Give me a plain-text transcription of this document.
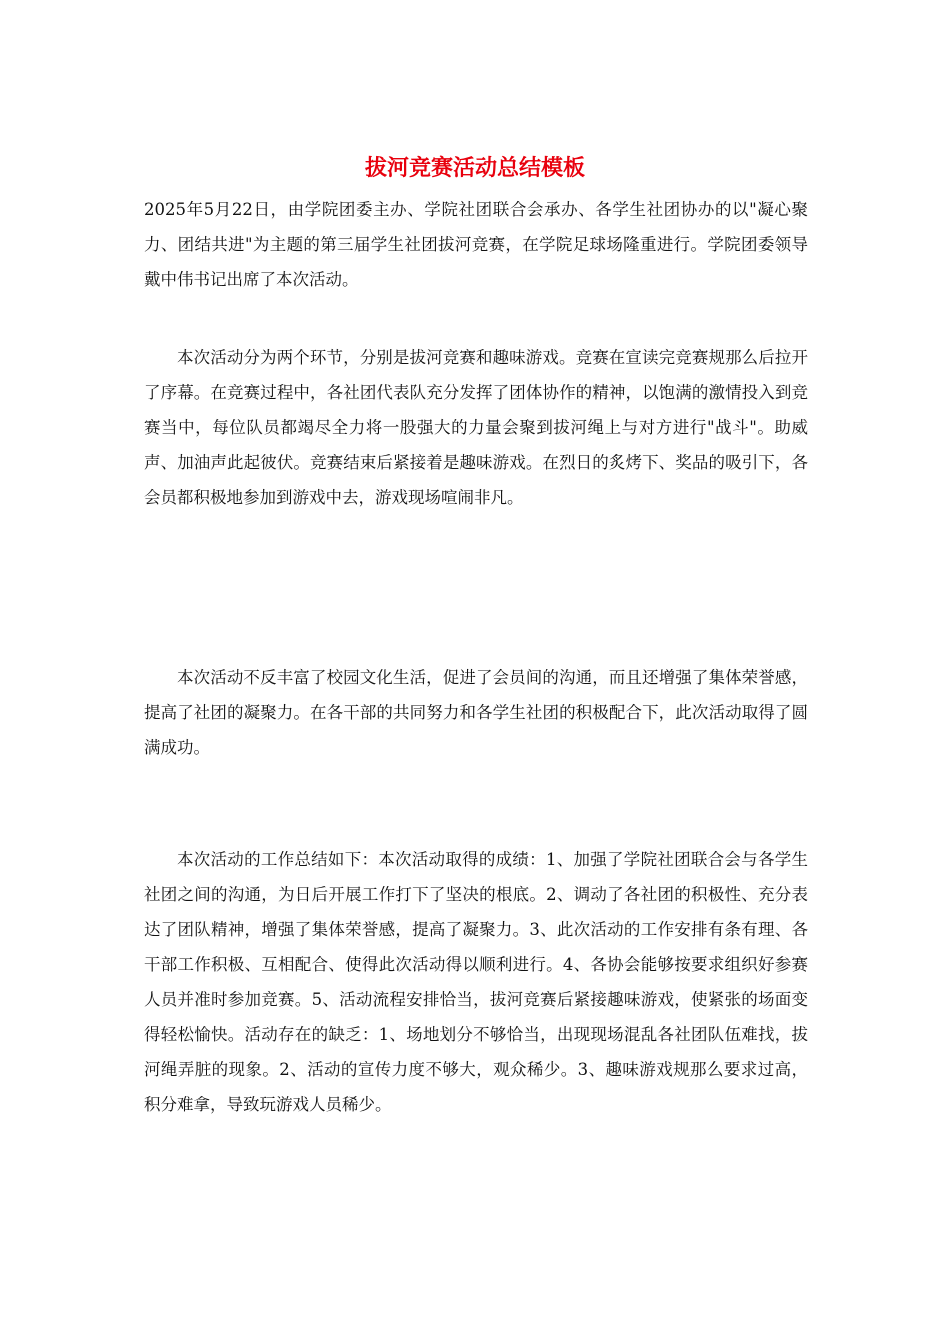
拔河竞赛活动总结模板

2025年5月22日，由学院团委主办、学院社团联合会承办、各学生社团协办的以"凝心聚力、团结共进"为主题的第三届学生社团拔河竞赛，在学院足球场隆重进行。学院团委领导戴中伟书记出席了本次活动。

本次活动分为两个环节，分别是拔河竞赛和趣味游戏。竞赛在宣读完竞赛规那么后拉开了序幕。在竞赛过程中，各社团代表队充分发挥了团体协作的精神，以饱满的激情投入到竞赛当中，每位队员都竭尽全力将一股强大的力量会聚到拔河绳上与对方进行"战斗"。助威声、加油声此起彼伏。竞赛结束后紧接着是趣味游戏。在烈日的炙烤下、奖品的吸引下，各会员都积极地参加到游戏中去，游戏现场喧闹非凡。

本次活动不反丰富了校园文化生活，促进了会员间的沟通，而且还增强了集体荣誉感，提高了社团的凝聚力。在各干部的共同努力和各学生社团的积极配合下，此次活动取得了圆满成功。

本次活动的工作总结如下：本次活动取得的成绩：1、加强了学院社团联合会与各学生社团之间的沟通，为日后开展工作打下了坚决的根底。2、调动了各社团的积极性、充分表达了团队精神，增强了集体荣誉感，提高了凝聚力。3、此次活动的工作安排有条有理、各干部工作积极、互相配合、使得此次活动得以顺利进行。4、各协会能够按要求组织好参赛人员并准时参加竞赛。5、活动流程安排恰当，拔河竞赛后紧接趣味游戏，使紧张的场面变得轻松愉快。活动存在的缺乏：1、场地划分不够恰当，出现现场混乱各社团队伍难找，拔河绳弄脏的现象。2、活动的宣传力度不够大，观众稀少。3、趣味游戏规那么要求过高，积分难拿，导致玩游戏人员稀少。
